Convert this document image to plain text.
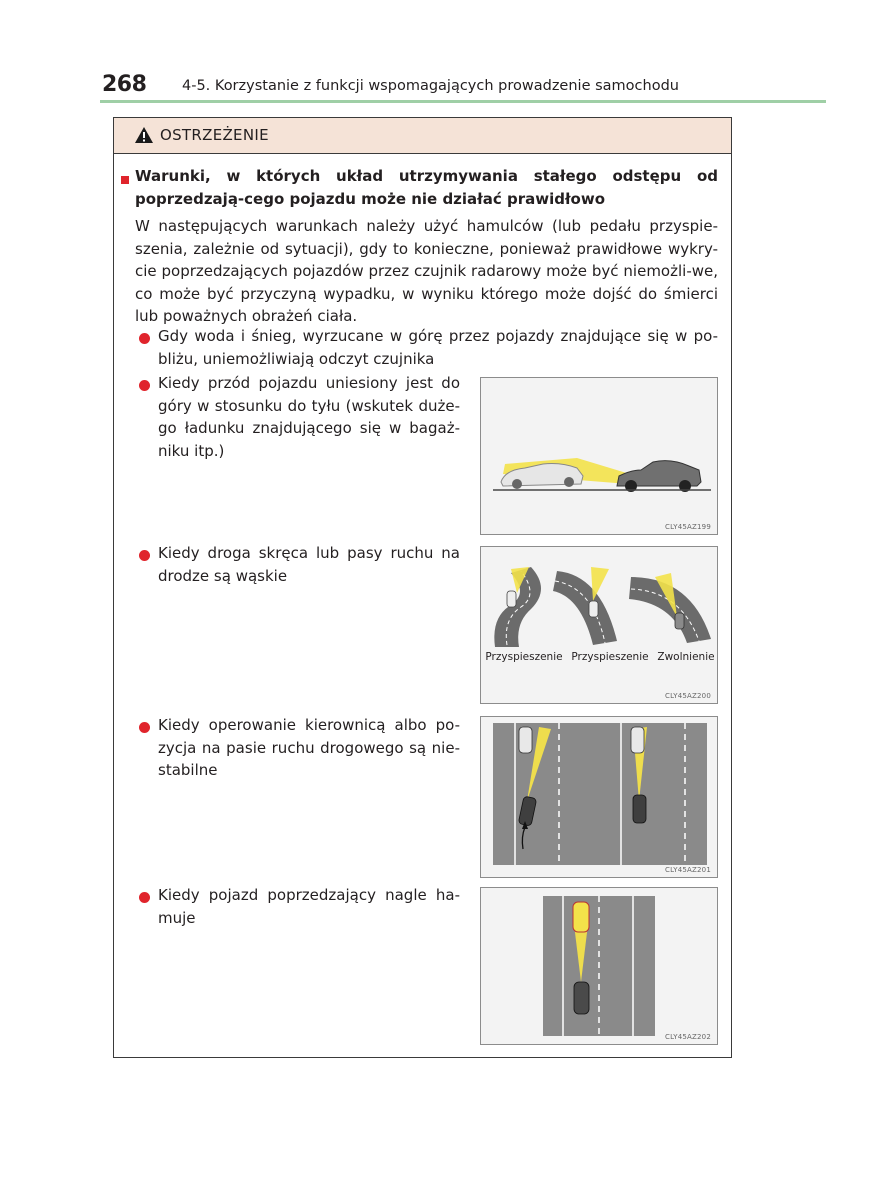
268 4-5. Korzystanie z funkcji wspomagających prowadzenie samochodu
OSTRZEŻENIE
Warunki, w których układ utrzymywania stałego odstępu od poprzedzają-cego pojazdu może nie działać prawidłowo
W następujących warunkach należy użyć hamulców (lub pedału przyspie-szenia, zależnie od sytuacji), gdy to konieczne, ponieważ prawidłowe wykry-cie poprzedzających pojazdów przez czujnik radarowy może być niemożli-we, co może być przyczyną wypadku, w wyniku którego może dojść do śmierci lub poważnych obrażeń ciała.
Gdy woda i śnieg, wyrzucane w górę przez pojazdy znajdujące się w po-bliżu, uniemożliwiają odczyt czujnika
Kiedy przód pojazdu uniesiony jest do góry w stosunku do tyłu (wskutek duże-go ładunku znajdującego się w bagaż-niku itp.)
CLY45AZ199
Kiedy droga skręca lub pasy ruchu na drodze są wąskie
Przyspieszenie Przyspieszenie Zwolnienie
CLY45AZ200
Kiedy operowanie kierownicą albo po-zycja na pasie ruchu drogowego są nie-stabilne
CLY45AZ201
Kiedy pojazd poprzedzający nagle ha-muje
CLY45AZ202
